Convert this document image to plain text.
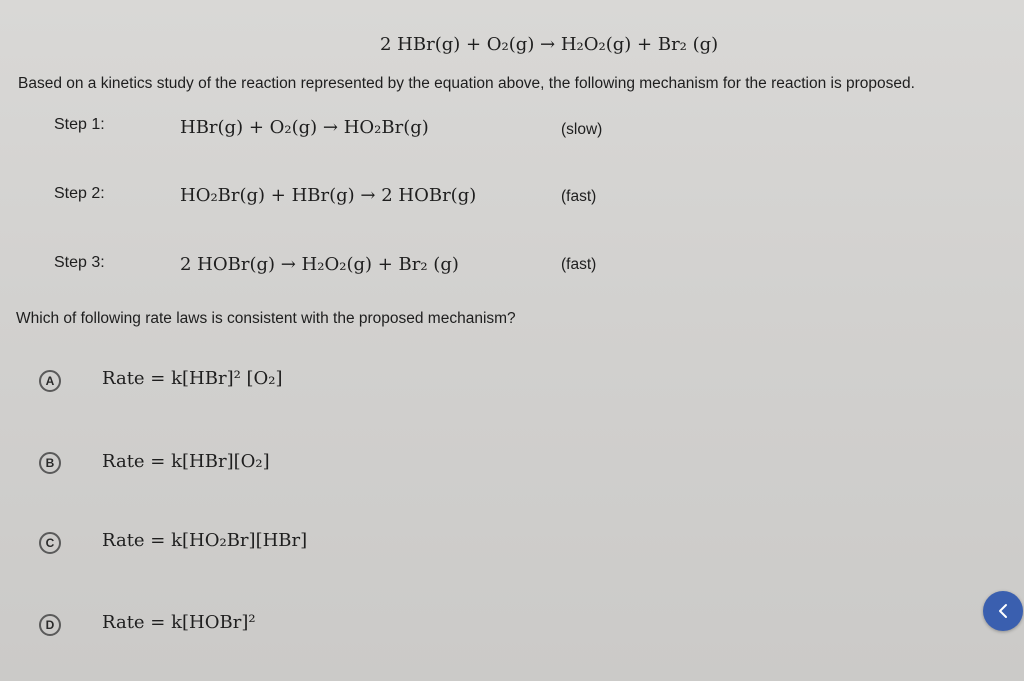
2 HBr(g) + O₂(g) → H₂O₂(g) + Br₂ (g)
Based on a kinetics study of the reaction represented by the equation above, the following mechanism for the reaction is proposed.
Step 1:	HBr(g) + O₂(g) → HO₂Br(g)	(slow)
Step 2:	HO₂Br(g) + HBr(g) → 2 HOBr(g)	(fast)
Step 3:	2 HOBr(g) → H₂O₂(g) + Br₂ (g)	(fast)
Which of following rate laws is consistent with the proposed mechanism?
A	Rate = k[HBr]² [O₂]
B	Rate = k[HBr][O₂]
C	Rate = k[HO₂Br][HBr]
D	Rate = k[HOBr]²
